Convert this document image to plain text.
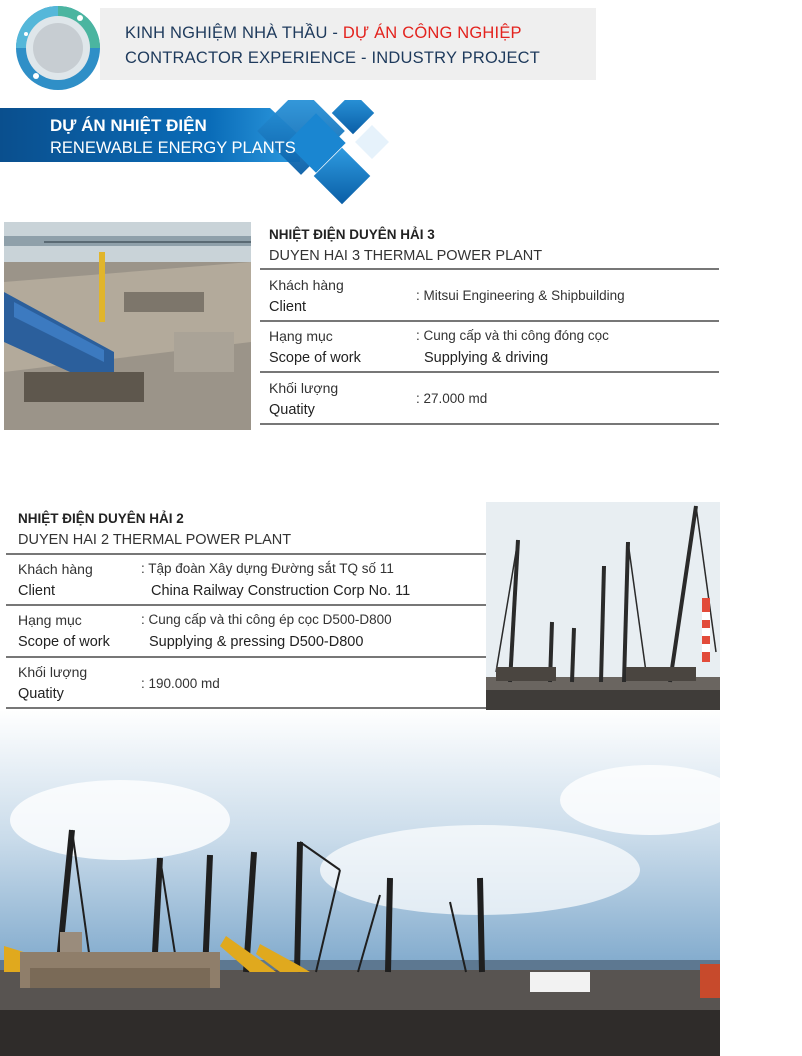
KINH NGHIỆM NHÀ THẦU - DỰ ÁN CÔNG NGHIỆP
CONTRACTOR EXPERIENCE - INDUSTRY PROJECT
DỰ ÁN NHIỆT ĐIỆN
RENEWABLE ENERGY PLANTS
NHIỆT ĐIỆN DUYÊN HẢI 3
DUYEN HAI 3 THERMAL POWER PLANT
Khách hàng
Client
: Mitsui Engineering & Shipbuilding
Hạng mục
Scope of work
: Cung cấp và thi công đóng cọc
Supplying & driving
Khối lượng
Quatity
: 27.000 md
NHIỆT ĐIỆN DUYÊN HẢI 2
DUYEN HAI 2 THERMAL POWER PLANT
Khách hàng
Client
: Tập đoàn Xây dựng Đường sắt TQ số 11
China Railway Construction Corp No. 11
Hạng mục
Scope of work
: Cung cấp và thi công ép cọc D500-D800
Supplying & pressing D500-D800
Khối lượng
Quatity
: 190.000 md
